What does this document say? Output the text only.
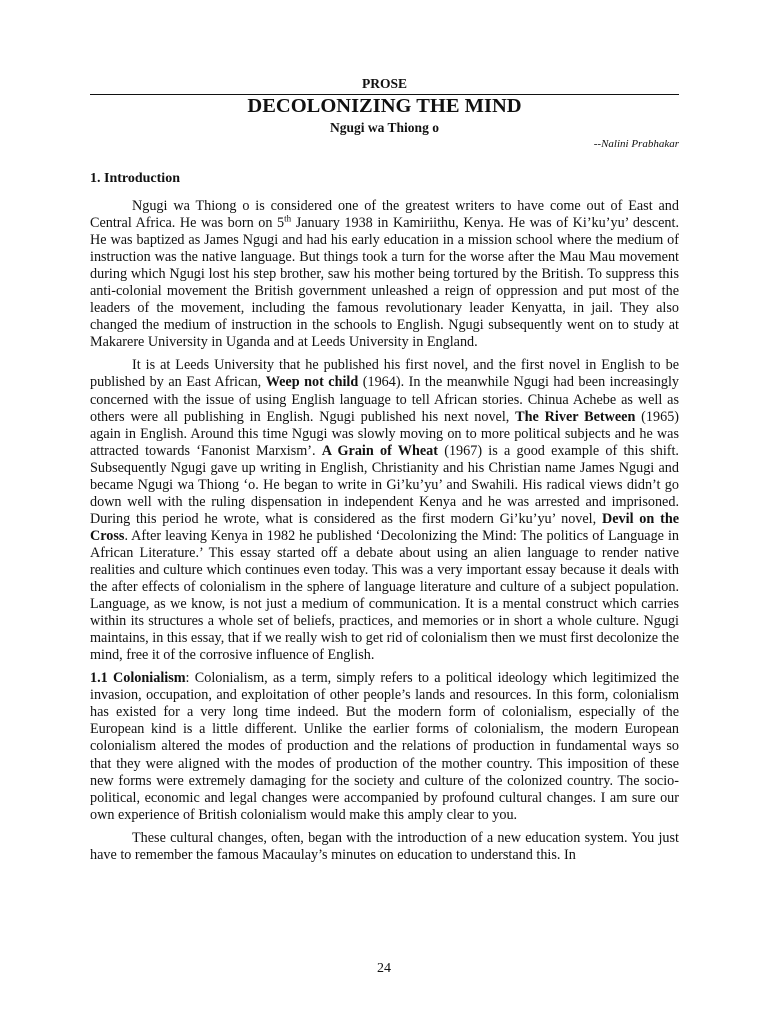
PROSE
DECOLONIZING THE MIND
Ngugi wa Thiong o
--Nalini Prabhakar
1. Introduction

Ngugi wa Thiong o is considered one of the greatest writers to have come out of East and Central Africa. He was born on 5th January 1938 in Kamiriithu, Kenya. He was of Ki’ku’yu’ descent. He was baptized as James Ngugi and had his early education in a mission school where the medium of instruction was the native language. But things took a turn for the worse after the Mau Mau movement during which Ngugi lost his step brother, saw his mother being tortured by the British. To suppress this anti-colonial movement the British government unleashed a reign of oppression and put most of the leaders of the movement, including the famous revolutionary leader Kenyatta, in jail. They also changed the medium of instruction in the schools to English. Ngugi subsequently went on to study at Makarere University in Uganda and at Leeds University in England.

It is at Leeds University that he published his first novel, and the first novel in English to be published by an East African, Weep not child (1964). In the meanwhile Ngugi had been increasingly concerned with the issue of using English language to tell African stories. Chinua Achebe as well as others were all publishing in English. Ngugi published his next novel, The River Between (1965) again in English. Around this time Ngugi was slowly moving on to more political subjects and he was attracted towards ‘Fanonist Marxism’. A Grain of Wheat (1967) is a good example of this shift. Subsequently Ngugi gave up writing in English, Christianity and his Christian name James Ngugi and became Ngugi wa Thiong ‘o. He began to write in Gi’ku’yu’ and Swahili. His radical views didn’t go down well with the ruling dispensation in independent Kenya and he was arrested and imprisoned. During this period he wrote, what is considered as the first modern Gi’ku’yu’ novel, Devil on the Cross. After leaving Kenya in 1982 he published ‘Decolonizing the Mind: The politics of Language in African Literature.’ This essay started off a debate about using an alien language to render native realities and culture which continues even today. This was a very important essay because it deals with the after effects of colonialism in the sphere of language literature and culture of a subject population. Language, as we know, is not just a medium of communication. It is a mental construct which carries within its structures a whole set of beliefs, practices, and memories or in short a whole culture. Ngugi maintains, in this essay, that if we really wish to get rid of colonialism then we must first decolonize the mind, free it of the corrosive influence of English.

1.1 Colonialism: Colonialism, as a term, simply refers to a political ideology which legitimized the invasion, occupation, and exploitation of other people’s lands and resources. In this form, colonialism has existed for a very long time indeed. But the modern form of colonialism, especially of the European kind is a little different. Unlike the earlier forms of colonialism, the modern European colonialism altered the modes of production and the relations of production in fundamental ways so that they were aligned with the modes of production of the mother country. This imposition of these new forms were extremely damaging for the society and culture of the colonized country. The socio-political, economic and legal changes were accompanied by profound cultural changes. I am sure our own experience of British colonialism would make this amply clear to you.

These cultural changes, often, began with the introduction of a new education system. You just have to remember the famous Macaulay’s minutes on education to understand this. In

24
